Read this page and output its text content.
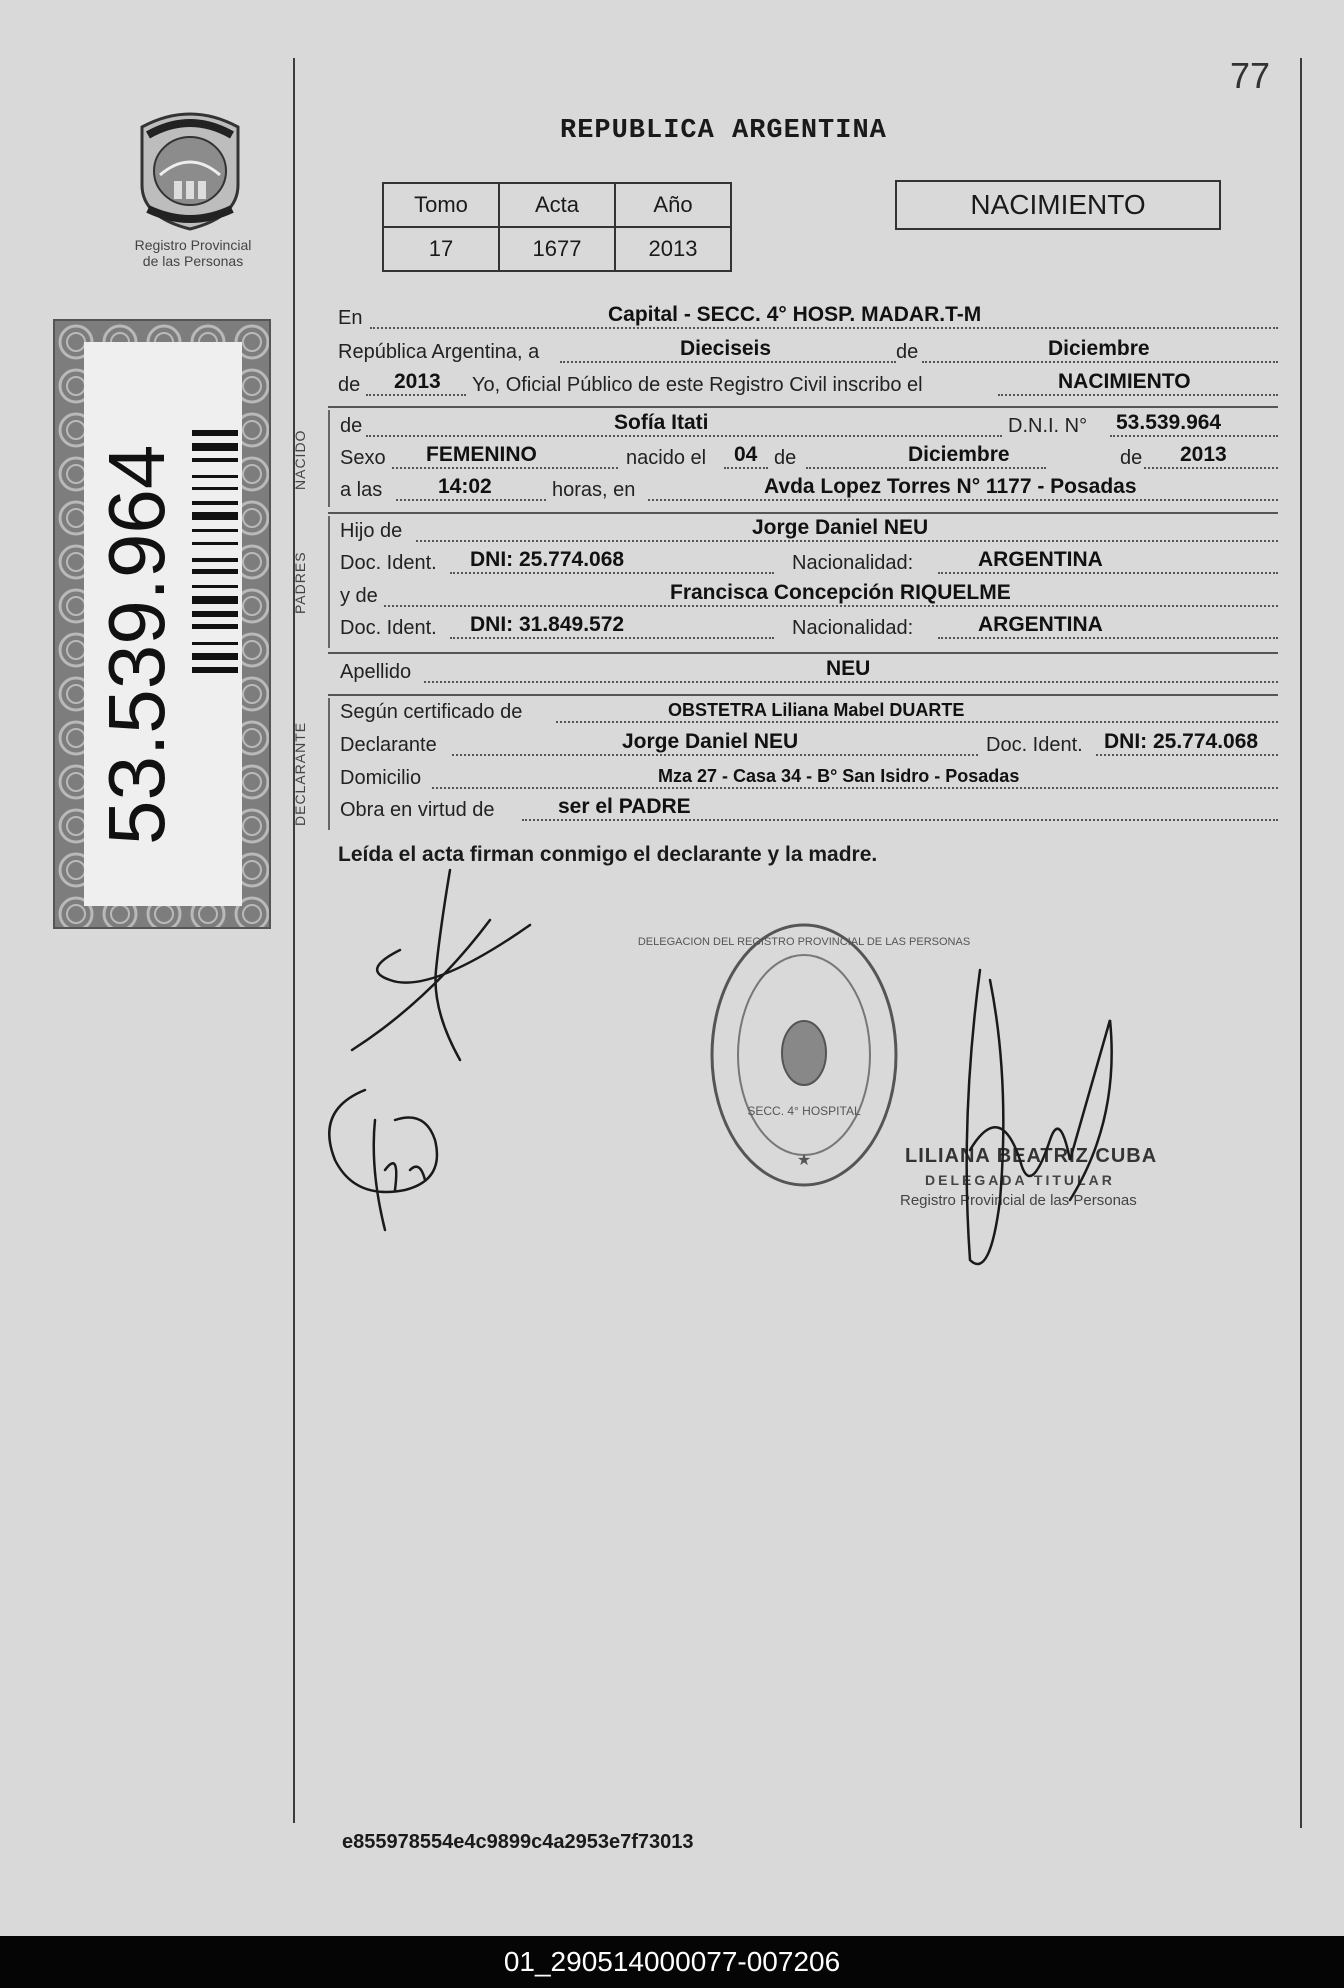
77
REPUBLICA ARGENTINA
Registro Provincial
de las Personas
53.539.964
Tomo	Acta	Año
17	1677	2013
NACIMIENTO
En	Capital - SECC. 4° HOSP. MADAR.T-M
República Argentina, a	Dieciseis	de	Diciembre
de 2013 Yo, Oficial Público de este Registro Civil inscribo el	NACIMIENTO
NACIDO
de	Sofía Itati	D.N.I. N° 53.539.964
Sexo FEMENINO	nacido el 04 de	Diciembre	de 2013
a las	14:02	horas, en	Avda Lopez Torres N° 1177 - Posadas
PADRES
Hijo de	Jorge Daniel NEU
Doc. Ident. DNI: 25.774.068	Nacionalidad:	ARGENTINA
y de	Francisca Concepción RIQUELME
Doc. Ident. DNI: 31.849.572	Nacionalidad:	ARGENTINA
Apellido	NEU
DECLARANTE
Según certificado de	OBSTETRA Liliana Mabel DUARTE
Declarante	Jorge Daniel NEU	Doc. Ident. DNI: 25.774.068
Domicilio	Mza 27 - Casa 34 - B° San Isidro - Posadas
Obra en virtud de	ser el PADRE
Leída el acta firman conmigo el declarante y la madre.
DELEGACION DEL REGISTRO PROVINCIAL DE LAS PERSONAS
SECC. 4° HOSPITAL
★	LILIANA BEATRIZ CUBA
DELEGADA TITULAR
Registro Provincial de las Personas
e855978554e4c9899c4a2953e7f73013
01_290514000077-007206
